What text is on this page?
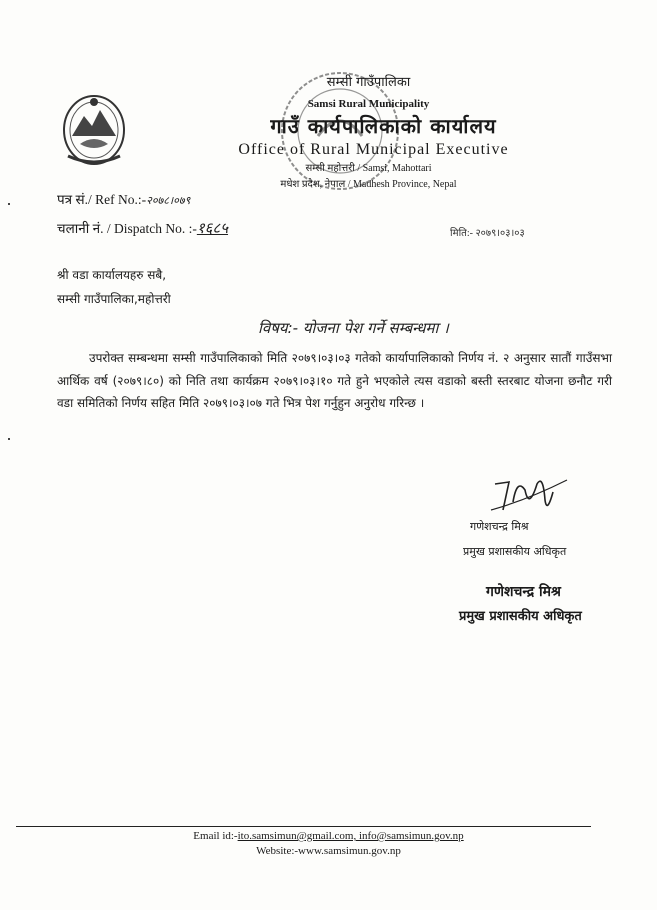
सम्सी गाउँपालिका
Samsi Rural Municipality
गाउँ कार्यपालिकाको कार्यालय
Office of Rural Municipal Executive
सम्सी महोत्तरी / Samsi, Mahottari
मधेश प्रदेश, नेपाल / Madhesh Province, Nepal
पत्र सं./ Ref No.:-२०७८।०७९
चलानी नं. / Dispatch No. :-१६८५	मिति:- २०७९।०३।०३
श्री वडा कार्यालयहरु सबै,
सम्सी गाउँपालिका,महोत्तरी
विषय:- योजना पेश गर्ने सम्बन्धमा ।
उपरोक्त सम्बन्धमा सम्सी गाउँपालिकाको मिति २०७९।०३।०३ गतेको कार्यापालिकाको निर्णय नं. २ अनुसार सातौं गाउँसभा आर्थिक वर्ष (२०७९।८०) को निति तथा कार्यक्रम २०७९।०३।१० गते हुने भएकोले त्यस वडाको बस्ती स्तरबाट योजना छनौट गरी वडा समितिको निर्णय सहित मिति २०७९।०३।०७ गते भित्र पेश गर्नुहुन अनुरोध गरिन्छ ।
गणेशचन्द्र मिश्र
प्रमुख प्रशासकीय अधिकृत
गणेशचन्द्र मिश्र
प्रमुख प्रशासकीय अधिकृत
Email id:-ito.samsimun@gmail.com, info@samsimun.gov.np
Website:-www.samsimun.gov.np
